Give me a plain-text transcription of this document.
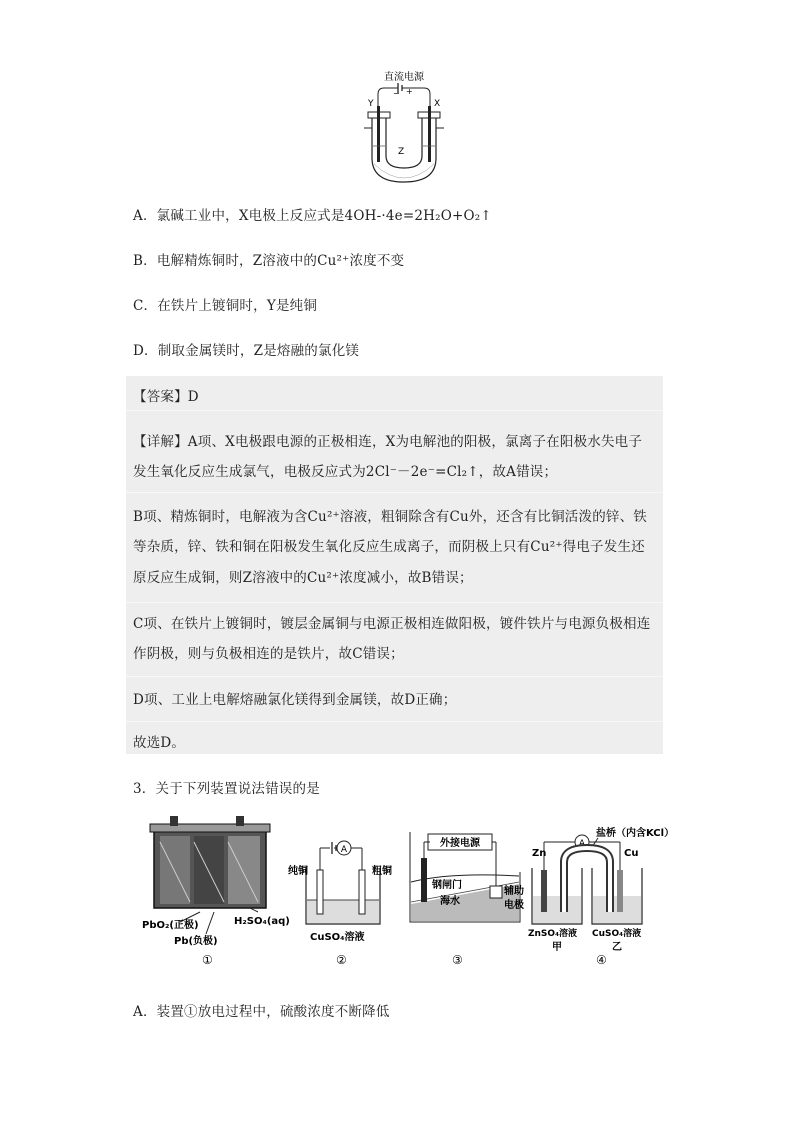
直流电源
− +
Y	X
Z
A．氯碱工业中，X电极上反应式是4OH-·4e=2H₂O+O₂↑
B．电解精炼铜时，Z溶液中的Cu²⁺浓度不变
C．在铁片上镀铜时，Y是纯铜
D．制取金属镁时，Z是熔融的氯化镁
【答案】D
【详解】A项、X电极跟电源的正极相连，X为电解池的阳极，氯离子在阳极水失电子
发生氧化反应生成氯气，电极反应式为2Cl⁻－2e⁻=Cl₂↑，故A错误；
B项、精炼铜时，电解液为含Cu²⁺溶液，粗铜除含有Cu外，还含有比铜活泼的锌、铁
等杂质，锌、铁和铜在阳极发生氧化反应生成离子，而阴极上只有Cu²⁺得电子发生还
原反应生成铜，则Z溶液中的Cu²⁺浓度减小，故B错误；
C项、在铁片上镀铜时，镀层金属铜与电源正极相连做阳极，镀件铁片与电源负极相连
作阴极，则与负极相连的是铁片，故C错误；
D项、工业上电解熔融氯化镁得到金属镁，故D正确；
故选D。
3．关于下列装置说法错误的是
PbO₂(正极)
Pb(负极)
H₂SO₄(aq)
①
A
纯铜	粗铜
CuSO₄溶液
②
外接电源
钢闸门
海水
辅助
电极
③
盐桥（内含KCl）
A
Zn	Cu
ZnSO₄溶液 CuSO₄溶液
甲	乙
④
A．装置①放电过程中，硫酸浓度不断降低
